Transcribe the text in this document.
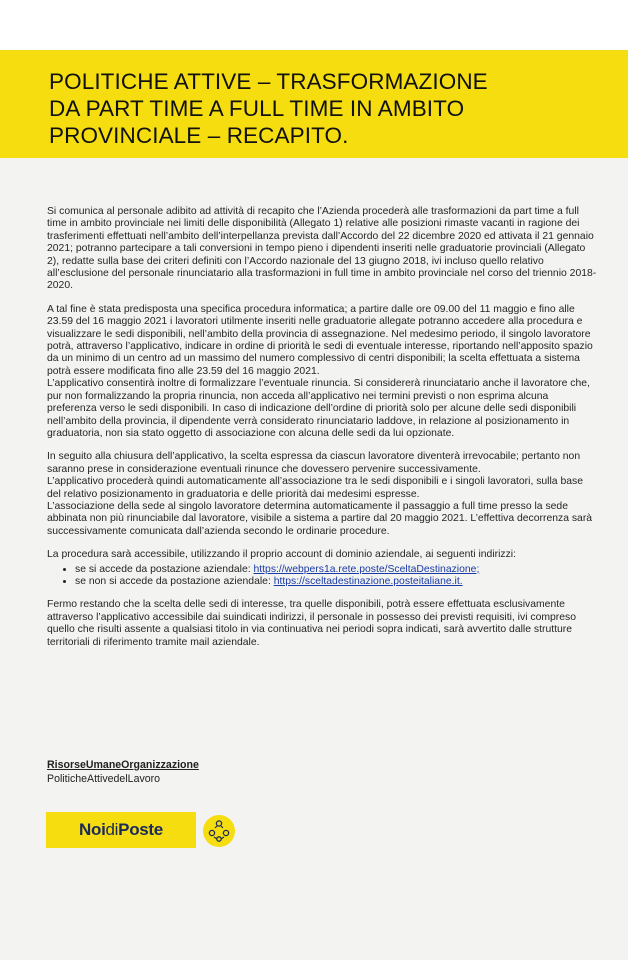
POLITICHE ATTIVE – TRASFORMAZIONE
DA PART TIME A FULL TIME IN AMBITO
PROVINCIALE – RECAPITO.

Si comunica al personale adibito ad attività di recapito che l’Azienda procederà alle trasformazioni da part time a full time in ambito provinciale nei limiti delle disponibilità (Allegato 1) relative alle posizioni rimaste vacanti in ragione dei trasferimenti effettuati nell’ambito dell’interpellanza prevista dall’Accordo del 22 dicembre 2020 ed attivata il 21 gennaio 2021; potranno partecipare a tali conversioni in tempo pieno i dipendenti inseriti nelle graduatorie provinciali (Allegato 2), redatte sulla base dei criteri definiti con l’Accordo nazionale del 13 giugno 2018, ivi incluso quello relativo all’esclusione del personale rinunciatario alla trasformazioni in full time in ambito provinciale nel corso del triennio 2018-2020.

A tal fine è stata predisposta una specifica procedura informatica; a partire dalle ore 09.00 del 11 maggio e fino alle 23.59 del 16 maggio 2021 i lavoratori utilmente inseriti nelle graduatorie allegate potranno accedere alla procedura e visualizzare le sedi disponibili, nell’ambito della provincia di assegnazione. Nel medesimo periodo, il singolo lavoratore potrà, attraverso l’applicativo, indicare in ordine di priorità le sedi di eventuale interesse, riportando nell’apposito spazio da un minimo di un centro ad un massimo del numero complessivo di centri disponibili; la scelta effettuata a sistema potrà essere modificata fino alle 23.59 del 16 maggio 2021.

L’applicativo consentirà inoltre di formalizzare l’eventuale rinuncia. Si considererà rinunciatario anche il lavoratore che, pur non formalizzando la propria rinuncia, non acceda all’applicativo nei termini previsti o non esprima alcuna preferenza verso le sedi disponibili. In caso di indicazione dell’ordine di priorità solo per alcune delle sedi disponibili nell’ambito della provincia, il dipendente verrà considerato rinunciatario laddove, in relazione al posizionamento in graduatoria, non sia stato oggetto di associazione con alcuna delle sedi da lui opzionate.

In seguito alla chiusura dell’applicativo, la scelta espressa da ciascun lavoratore diventerà irrevocabile; pertanto non saranno prese in considerazione eventuali rinunce che dovessero pervenire successivamente.

L’applicativo procederà quindi automaticamente all’associazione tra le sedi disponibili e i singoli lavoratori, sulla base del relativo posizionamento in graduatoria e delle priorità dai medesimi espresse.

L’associazione della sede al singolo lavoratore determina automaticamente il passaggio a full time presso la sede abbinata non più rinunciabile dal lavoratore, visibile a sistema a partire dal 20 maggio 2021. L’effettiva decorrenza sarà successivamente comunicata dall’azienda secondo le ordinarie procedure.

La procedura sarà accessibile, utilizzando il proprio account di dominio aziendale, ai seguenti indirizzi:

• se si accede da postazione aziendale: https://webpers1a.rete.poste/SceltaDestinazione;
• se non si accede da postazione aziendale: https://sceltadestinazione.posteitaliane.it.

Fermo restando che la scelta delle sedi di interesse, tra quelle disponibili, potrà essere effettuata esclusivamente attraverso l’applicativo accessibile dai suindicati indirizzi, il personale in possesso dei previsti requisiti, ivi compreso quello che risulti assente a qualsiasi titolo in via continuativa nei periodi sopra indicati, sarà avvertito dalle strutture territoriali di riferimento tramite mail aziendale.

RisorseUmaneOrganizzazione
PoliticheAttivedelLavoro
Noi di Poste
